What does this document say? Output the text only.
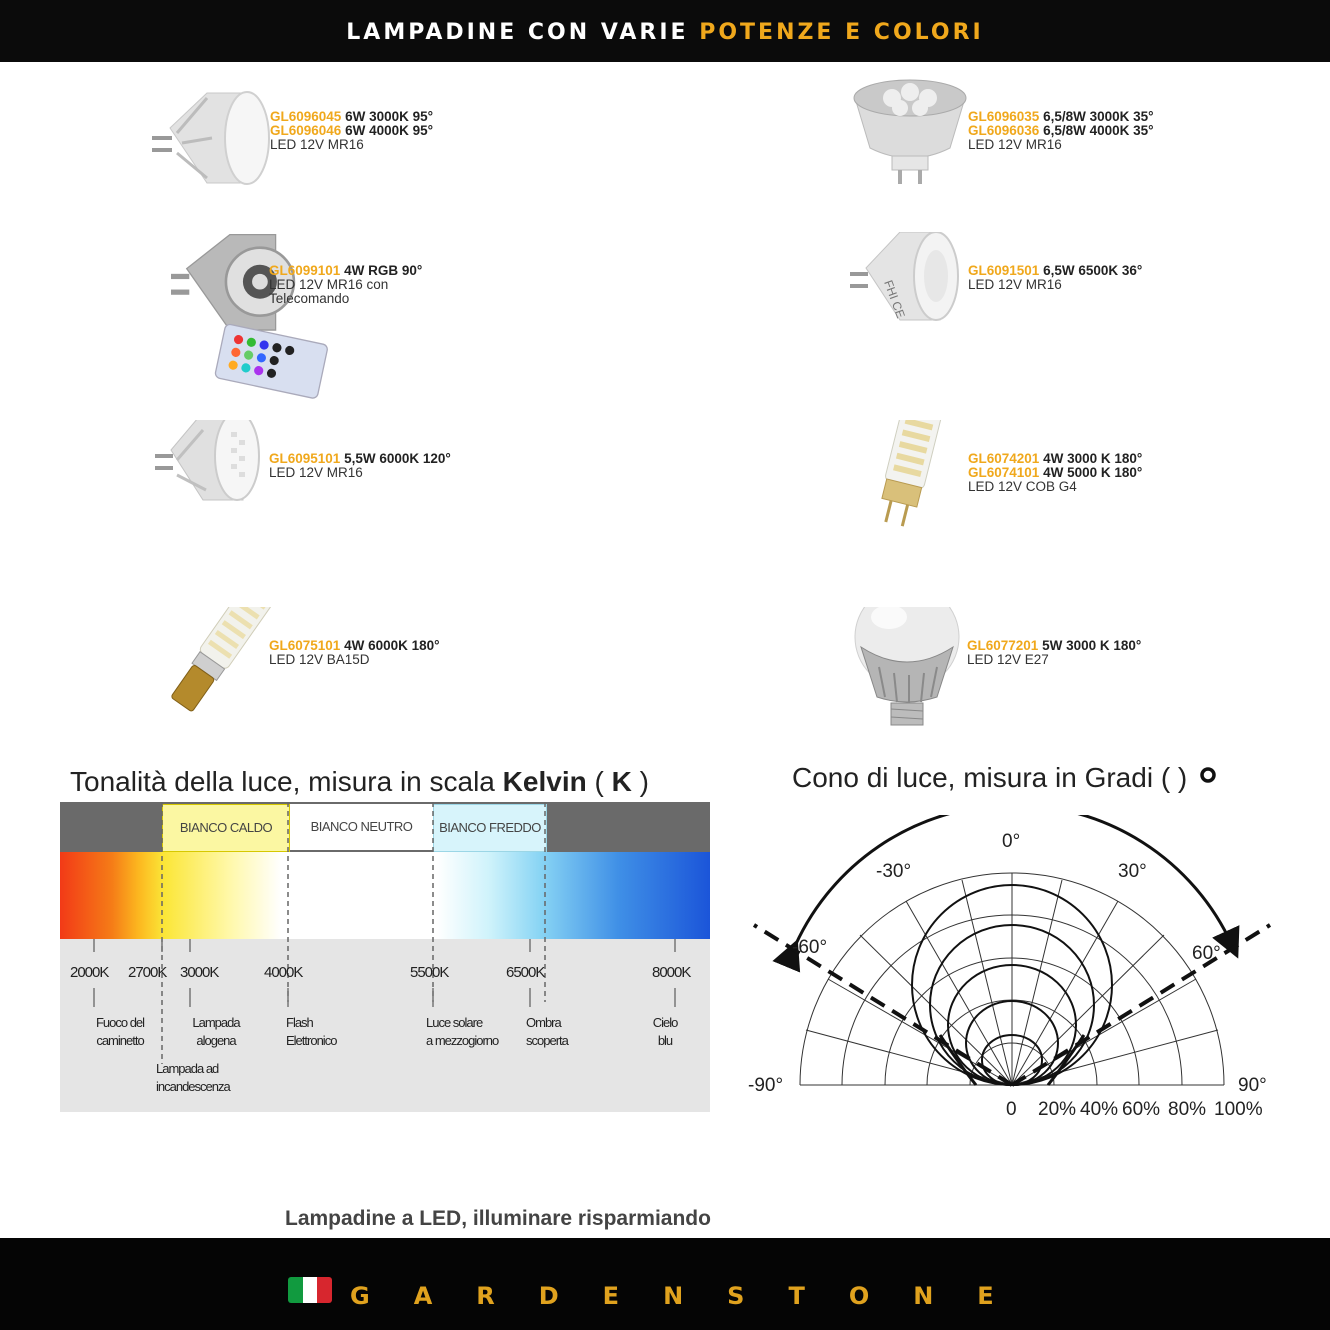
LAMPADINE CON VARIE POTENZE E COLORI
GL6096045 6W 3000K 95°
GL6096046 6W 4000K 95°
LED 12V MR16
GL6096035 6,5/8W 3000K 35°
GL6096036 6,5/8W 4000K 35°
LED 12V MR16
GL6099101 4W RGB 90°
LED 12V MR16 con
Telecomando	FHI CE
GL6091501 6,5W 6500K 36°
LED 12V MR16
GL6095101 5,5W 6000K 120°
LED 12V MR16
GL6074201 4W 3000 K 180°
GL6074101 4W 5000 K 180°
LED 12V COB G4
GL6075101 4W 6000K 180°
LED 12V BA15D
GL6077201 5W 3000 K 180°
LED 12V E27
Tonalità della luce, misura in scala Kelvin ( K )
BIANCO CALDO	BIANCO NEUTRO	BIANCO FREDDO
2000K 2700K 3000K	4000K	5500K	6500K	8000K
Fuoco del
caminetto
Lampada ad
incandescenza
Lampada
alogena
Flash
Elettronico
Luce solare
a mezzogiorno
Ombra
scoperta
Cielo
blu
Cono di luce, misura in Gradi ( )
0°
-30°	30°
-60°	60°
-90°	90°
0 20% 40% 60% 80% 100%
Lampadine a LED, illuminare risparmiando
GARDENSTONE
